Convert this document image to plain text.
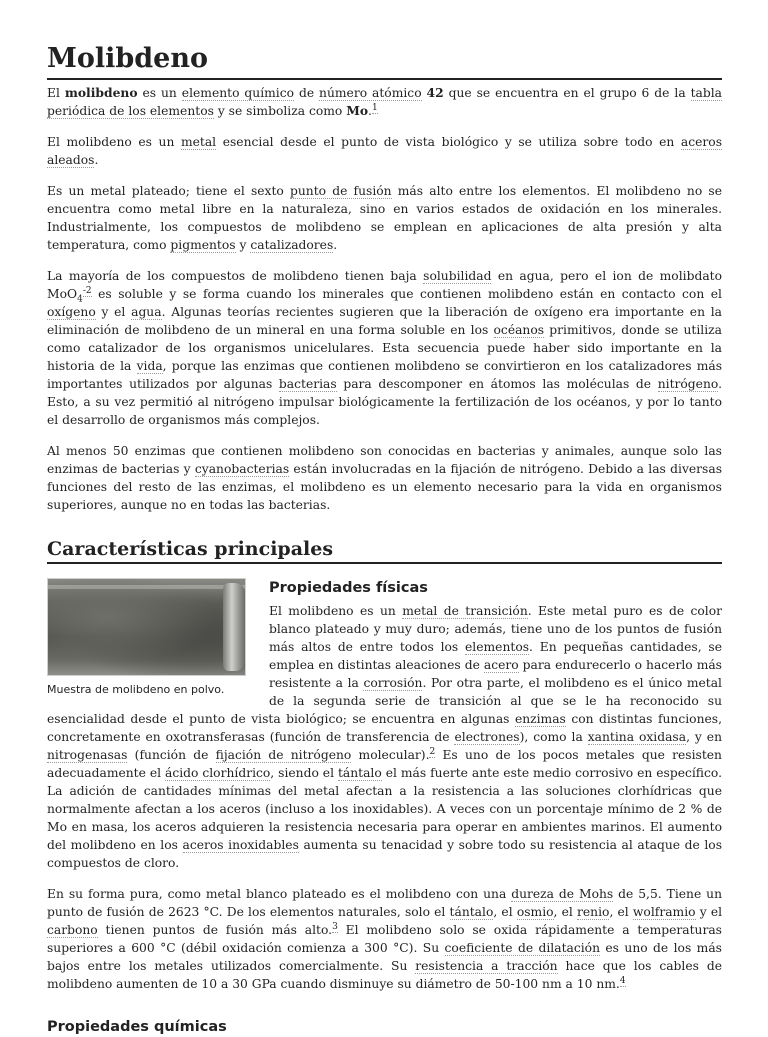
Molibdeno

El molibdeno es un elemento químico de número atómico 42 que se encuentra en el grupo 6 de la tabla periódica de los elementos y se simboliza como Mo.$^1$

El molibdeno es un metal esencial desde el punto de vista biológico y se utiliza sobre todo en aceros aleados.

Es un metal plateado; tiene el sexto punto de fusión más alto entre los elementos. El molibdeno no se encuentra como metal libre en la naturaleza, sino en varios estados de oxidación en los minerales. Industrialmente, los compuestos de molibdeno se emplean en aplicaciones de alta presión y alta temperatura, como pigmentos y catalizadores.

La mayoría de los compuestos de molibdeno tienen baja solubilidad en agua, pero el ion de molibdato MoO$_4^{-2}$ es soluble y se forma cuando los minerales que contienen molibdeno están en contacto con el oxígeno y el agua. Algunas teorías recientes sugieren que la liberación de oxígeno era importante en la eliminación de molibdeno de un mineral en una forma soluble en los océanos primitivos, donde se utiliza como catalizador de los organismos unicelulares. Esta secuencia puede haber sido importante en la historia de la vida, porque las enzimas que contienen molibdeno se convirtieron en los catalizadores más importantes utilizados por algunas bacterias para descomponer en átomos las moléculas de nitrógeno. Esto, a su vez permitió al nitrógeno impulsar biológicamente la fertilización de los océanos, y por lo tanto el desarrollo de organismos más complejos.

Al menos 50 enzimas que contienen molibdeno son conocidas en bacterias y animales, aunque solo las enzimas de bacterias y cyanobacterias están involucradas en la fijación de nitrógeno. Debido a las diversas funciones del resto de las enzimas, el molibdeno es un elemento necesario para la vida en organismos superiores, aunque no en todas las bacterias.

Características principales
Muestra de molibdeno en polvo.
Propiedades físicas

El molibdeno es un metal de transición. Este metal puro es de color blanco plateado y muy duro; además, tiene uno de los puntos de fusión más altos de entre todos los elementos. En pequeñas cantidades, se emplea en distintas aleaciones de acero para endurecerlo o hacerlo más resistente a la corrosión. Por otra parte, el molibdeno es el único metal de la segunda serie de transición al que se le ha reconocido su esencialidad desde el punto de vista biológico; se encuentra en algunas enzimas con distintas funciones, concretamente en oxotransferasas (función de transferencia de electrones), como la xantina oxidasa, y en nitrogenasas (función de fijación de nitrógeno molecular).$^2$ Es uno de los pocos metales que resisten adecuadamente el ácido clorhídrico, siendo el tántalo el más fuerte ante este medio corrosivo en específico. La adición de cantidades mínimas del metal afectan a la resistencia a las soluciones clorhídricas que normalmente afectan a los aceros (incluso a los inoxidables). A veces con un porcentaje mínimo de 2 % de Mo en masa, los aceros adquieren la resistencia necesaria para operar en ambientes marinos. El aumento del molibdeno en los aceros inoxidables aumenta su tenacidad y sobre todo su resistencia al ataque de los compuestos de cloro.

En su forma pura, como metal blanco plateado es el molibdeno con una dureza de Mohs de 5,5. Tiene un punto de fusión de 2623 °C. De los elementos naturales, solo el tántalo, el osmio, el renio, el wolframio y el carbono tienen puntos de fusión más alto.$^3$ El molibdeno solo se oxida rápidamente a temperaturas superiores a 600 °C (débil oxidación comienza a 300 °C). Su coeficiente de dilatación es uno de los más bajos entre los metales utilizados comercialmente. Su resistencia a tracción hace que los cables de molibdeno aumenten de 10 a 30 GPa cuando disminuye su diámetro de 50-100 nm a 10 nm.$^4$

Propiedades químicas
